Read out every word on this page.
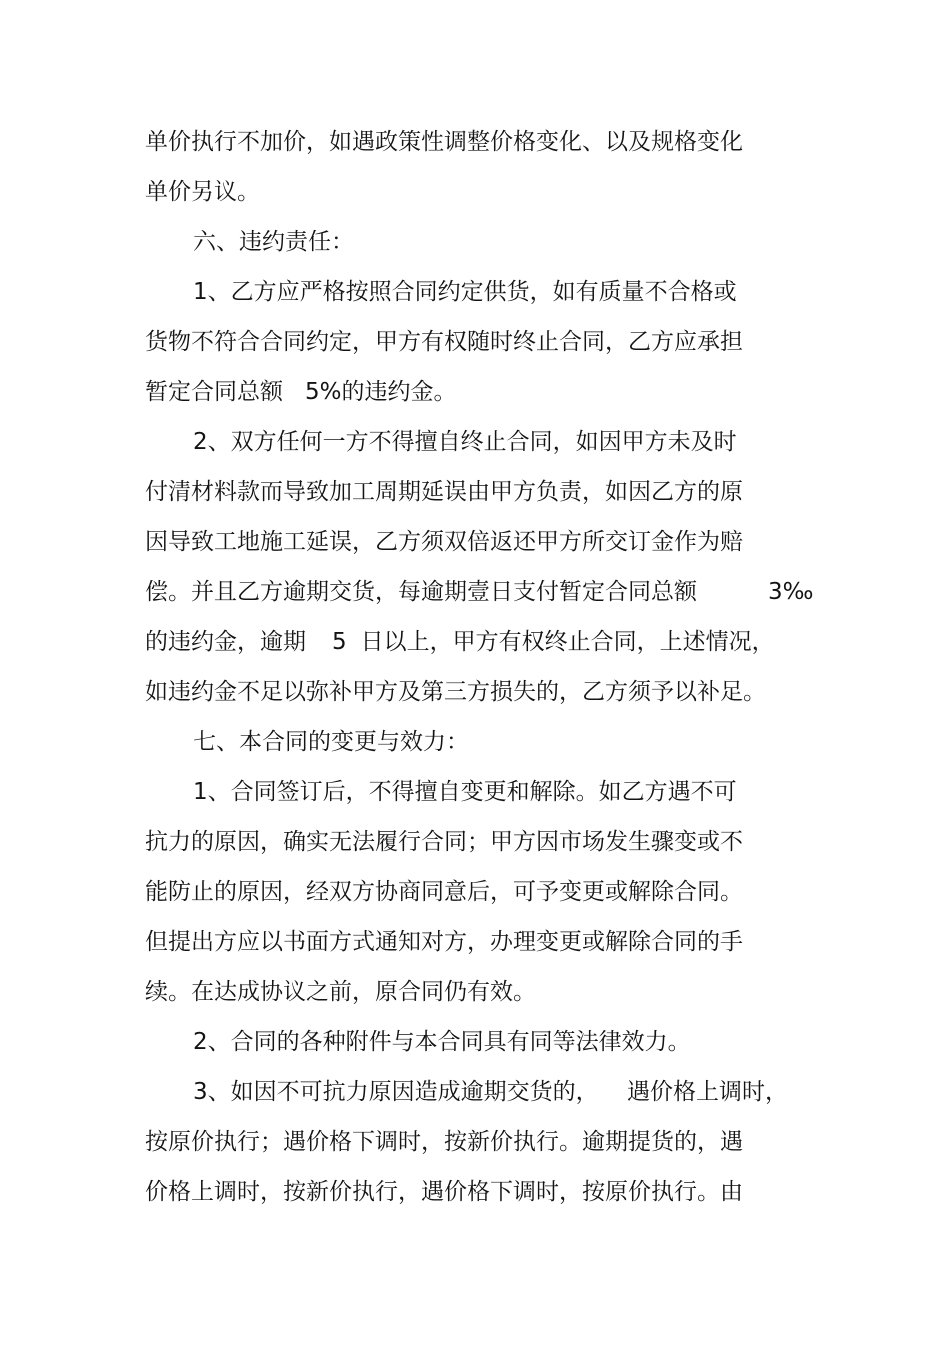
单价执行不加价，如遇政策性调整价格变化、以及规格变化

单价另议。

六、违约责任：

1、乙方应严格按照合同约定供货，如有质量不合格或

货物不符合合同约定，甲方有权随时终止合同，乙方应承担

暂定合同总额 5%的违约金。

2、双方任何一方不得擅自终止合同，如因甲方未及时

付清材料款而导致加工周期延误由甲方负责，如因乙方的原

因导致工地施工延误，乙方须双倍返还甲方所交订金作为赔

偿。并且乙方逾期交货，每逾期壹日支付暂定合同总额	3‰

的违约金，逾期 5 日以上，甲方有权终止合同，上述情况，

如违约金不足以弥补甲方及第三方损失的，乙方须予以补足。

七、本合同的变更与效力：

1、合同签订后，不得擅自变更和解除。如乙方遇不可

抗力的原因，确实无法履行合同；甲方因市场发生骤变或不

能防止的原因，经双方协商同意后，可予变更或解除合同。

但提出方应以书面方式通知对方，办理变更或解除合同的手

续。在达成协议之前，原合同仍有效。

2、合同的各种附件与本合同具有同等法律效力。

3、如因不可抗力原因造成逾期交货的， 遇价格上调时，

按原价执行；遇价格下调时，按新价执行。逾期提货的，遇

价格上调时，按新价执行，遇价格下调时，按原价执行。由
